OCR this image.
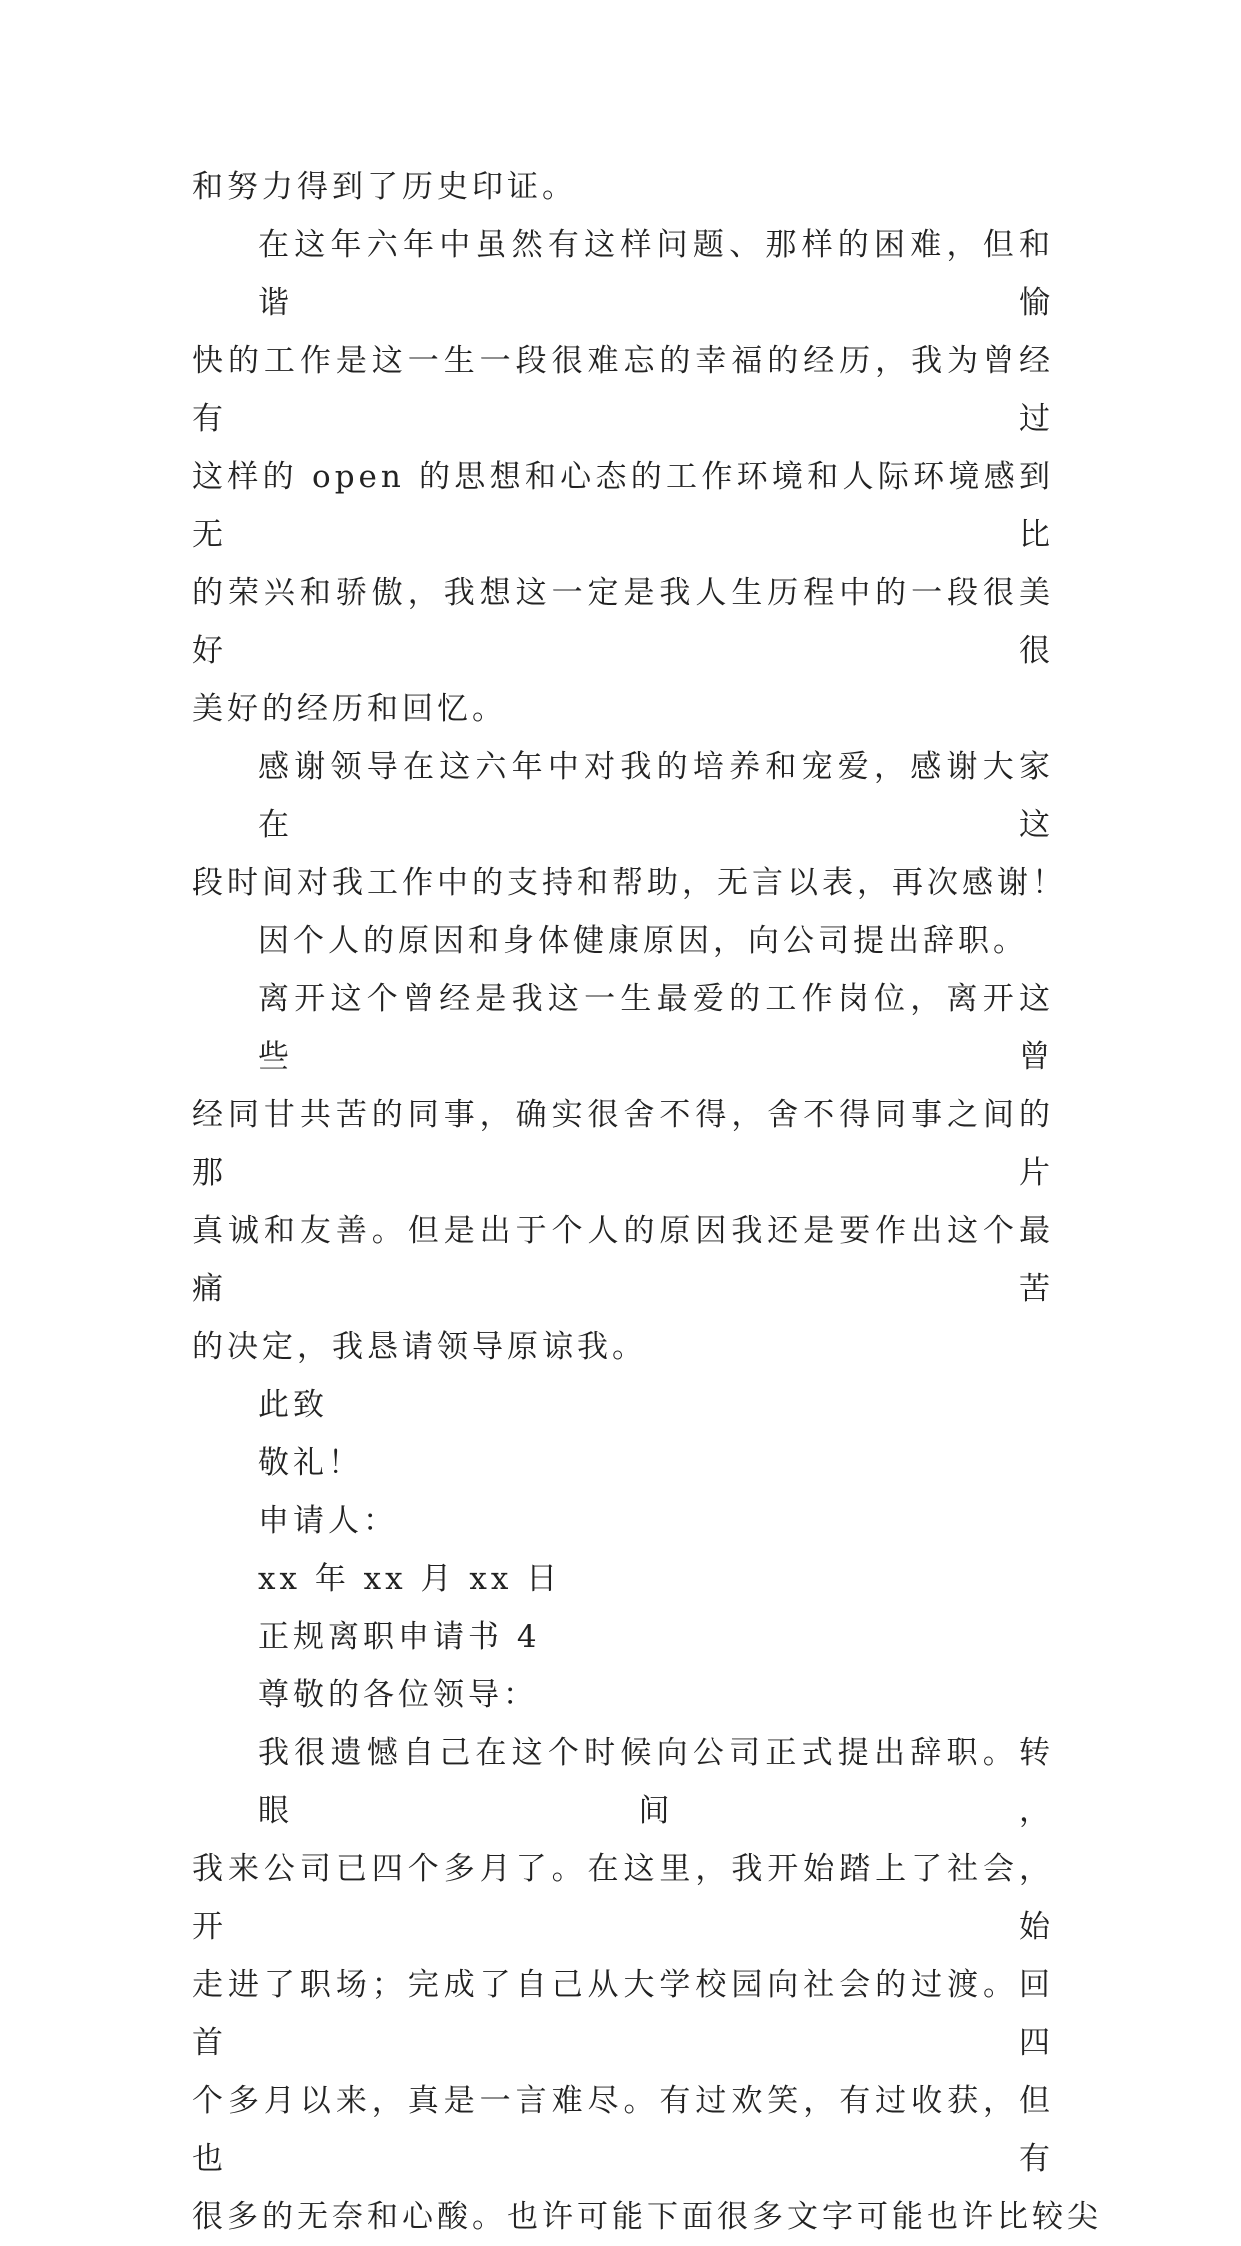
和努力得到了历史印证。
在这年六年中虽然有这样问题、那样的困难，但和谐愉
快的工作是这一生一段很难忘的幸福的经历，我为曾经有过
这样的 open 的思想和心态的工作环境和人际环境感到无比
的荣兴和骄傲，我想这一定是我人生历程中的一段很美好很
美好的经历和回忆。
感谢领导在这六年中对我的培养和宠爱，感谢大家在这
段时间对我工作中的支持和帮助，无言以表，再次感谢！
因个人的原因和身体健康原因，向公司提出辞职。
离开这个曾经是我这一生最爱的工作岗位，离开这些曾
经同甘共苦的同事，确实很舍不得，舍不得同事之间的那片
真诚和友善。但是出于个人的原因我还是要作出这个最痛苦
的决定，我恳请领导原谅我。
此致
敬礼！
申请人：
xx 年 xx 月 xx 日
正规离职申请书 4
尊敬的各位领导：
我很遗憾自己在这个时候向公司正式提出辞职。转眼间，
我来公司已四个多月了。在这里，我开始踏上了社会，开始
走进了职场；完成了自己从大学校园向社会的过渡。回首四
个多月以来，真是一言难尽。有过欢笑，有过收获，但也有
很多的无奈和心酸。也许可能下面很多文字可能也许比较尖
